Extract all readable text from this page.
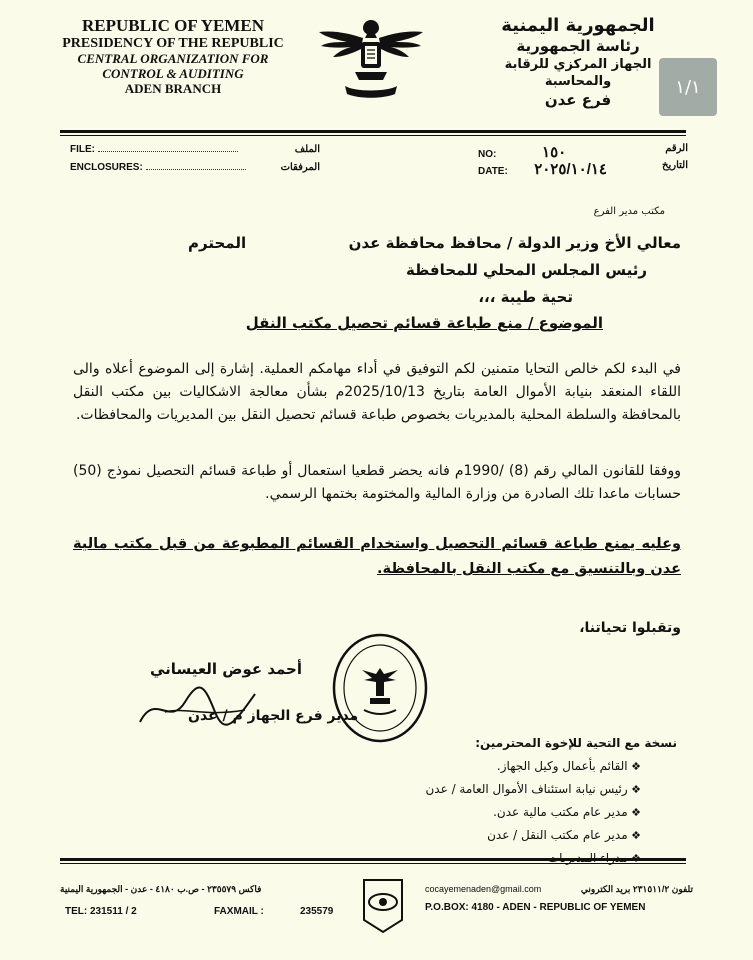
REPUBLIC OF YEMEN
PRESIDENCY OF THE REPUBLIC
CENTRAL ORGANIZATION FOR
CONTROL & AUDITING
ADEN BRANCH
الجمهورية اليمنية
رئاسة الجمهورية
الجهاز المركزي للرقابة والمحاسبة
فرع عدن
١/١
FILE:	الملف
ENCLOSURES:	المرفقات
NO:	١٥٠	الرقم
DATE: ٢٠٢٥/١٠/١٤	التاريخ
مكتب مدير الفرع
معالي الأخ وزير الدولة / محافظ محافظة عدن
المحترم
رئيس المجلس المحلي للمحافظة
تحية طيبة ،،،
الموضوع / منع طباعة قسائم تحصيل مكتب النقل
في البدء لكم خالص التحايا متمنين لكم التوفيق في أداء مهامكم العملية. إشارة إلى الموضوع أعلاه والى اللقاء المنعقد بنيابة الأموال العامة بتاريخ 2025/10/13م بشأن معالجة الاشكاليات بين مكتب النقل بالمحافظة والسلطة المحلية بالمديريات بخصوص طباعة قسائم تحصيل النقل بين المديريات والمحافظات.
ووفقا للقانون المالي رقم (8) /1990م فانه يحضر قطعيا استعمال أو طباعة قسائم التحصيل نموذج (50) حسابات ماعدا تلك الصادرة من وزارة المالية والمختومة بختمها الرسمي.
وعليه يمنع طباعة قسائم التحصيل واستخدام القسائم المطبوعة من قبل مكتب مالية عدن وبالتنسيق مع مكتب النقل بالمحافظة.
وتقبلوا تحياتنا،
أحمد عوض العيساني
مدير فرع الجهاز م / عدن
نسخة مع التحية للإخوة المحترمين:
❖ القائم بأعمال وكيل الجهاز.
❖ رئيس نيابة استئناف الأموال العامة / عدن
❖ مدير عام مكتب مالية عدن.
❖ مدير عام مكتب النقل / عدن
❖ مدراء المديريات
تلفون ٢٣١٥١١/٢ بريد الكتروني
cocayemenaden@gmail.com
فاكس ٢٣٥٥٧٩ - ص.ب ٤١٨٠ - عدن - الجمهورية اليمنية
TEL: 231511 / 2	FAXMAIL :	235579	P.O.BOX: 4180 - ADEN - REPUBLIC OF YEMEN
